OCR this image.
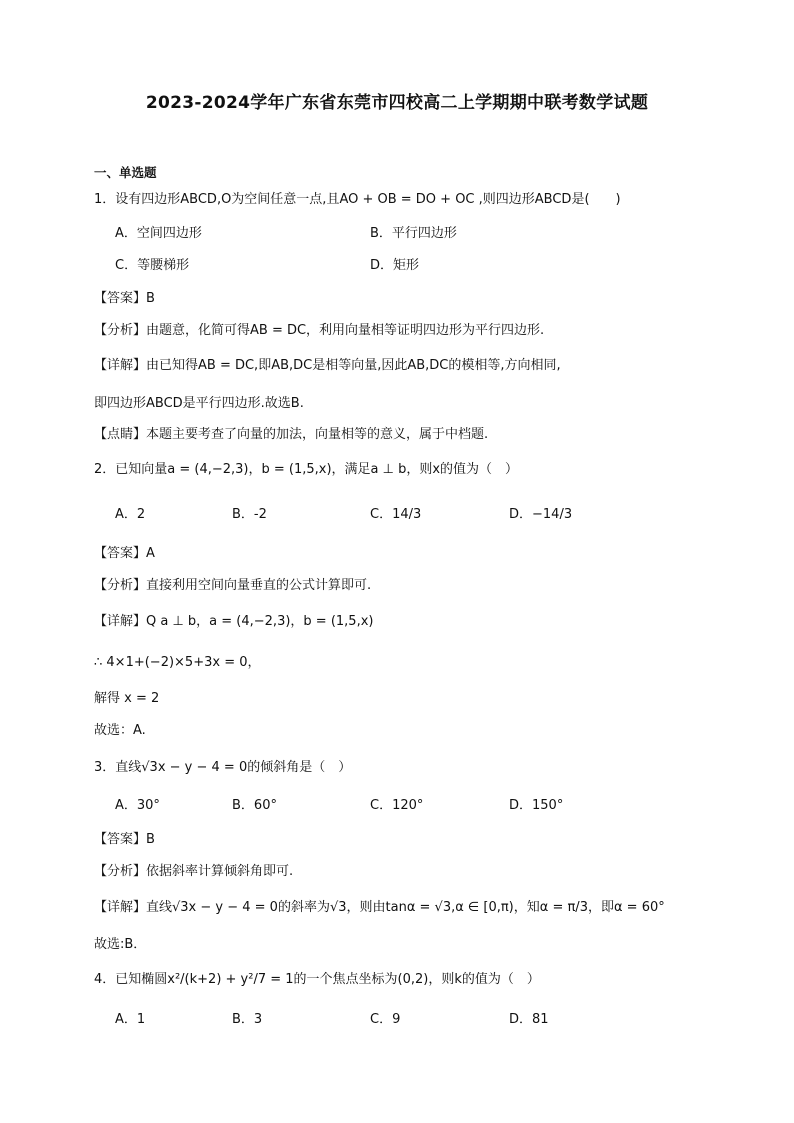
2023-2024学年广东省东莞市四校高二上学期期中联考数学试题
一、单选题
1．设有四边形ABCD,O为空间任意一点,且AO + OB = DO + OC ,则四边形ABCD是(　　)
A．空间四边形	B．平行四边形
C．等腰梯形	D．矩形
【答案】B
【分析】由题意，化简可得AB = DC，利用向量相等证明四边形为平行四边形.
【详解】由已知得AB = DC,即AB,DC是相等向量,因此AB,DC的模相等,方向相同,
即四边形ABCD是平行四边形.故选B.
【点睛】本题主要考查了向量的加法，向量相等的意义，属于中档题.
2．已知向量a = (4,−2,3)，b = (1,5,x)，满足a ⊥ b，则x的值为（　）
A．2	B．-2	C．14/3	D．−14/3
【答案】A
【分析】直接利用空间向量垂直的公式计算即可.
【详解】Q a ⊥ b，a = (4,−2,3)，b = (1,5,x)
∴ 4×1+(−2)×5+3x = 0，
解得 x = 2
故选：A.
3．直线√3x − y − 4 = 0的倾斜角是（　）
A．30°	B．60°	C．120°	D．150°
【答案】B
【分析】依据斜率计算倾斜角即可.
【详解】直线√3x − y − 4 = 0的斜率为√3，则由tanα = √3,α ∈ [0,π)，知α = π/3，即α = 60°
故选:B．
4．已知椭圆x²/(k+2) + y²/7 = 1的一个焦点坐标为(0,2)，则k的值为（　）
A．1	B．3	C．9	D．81
